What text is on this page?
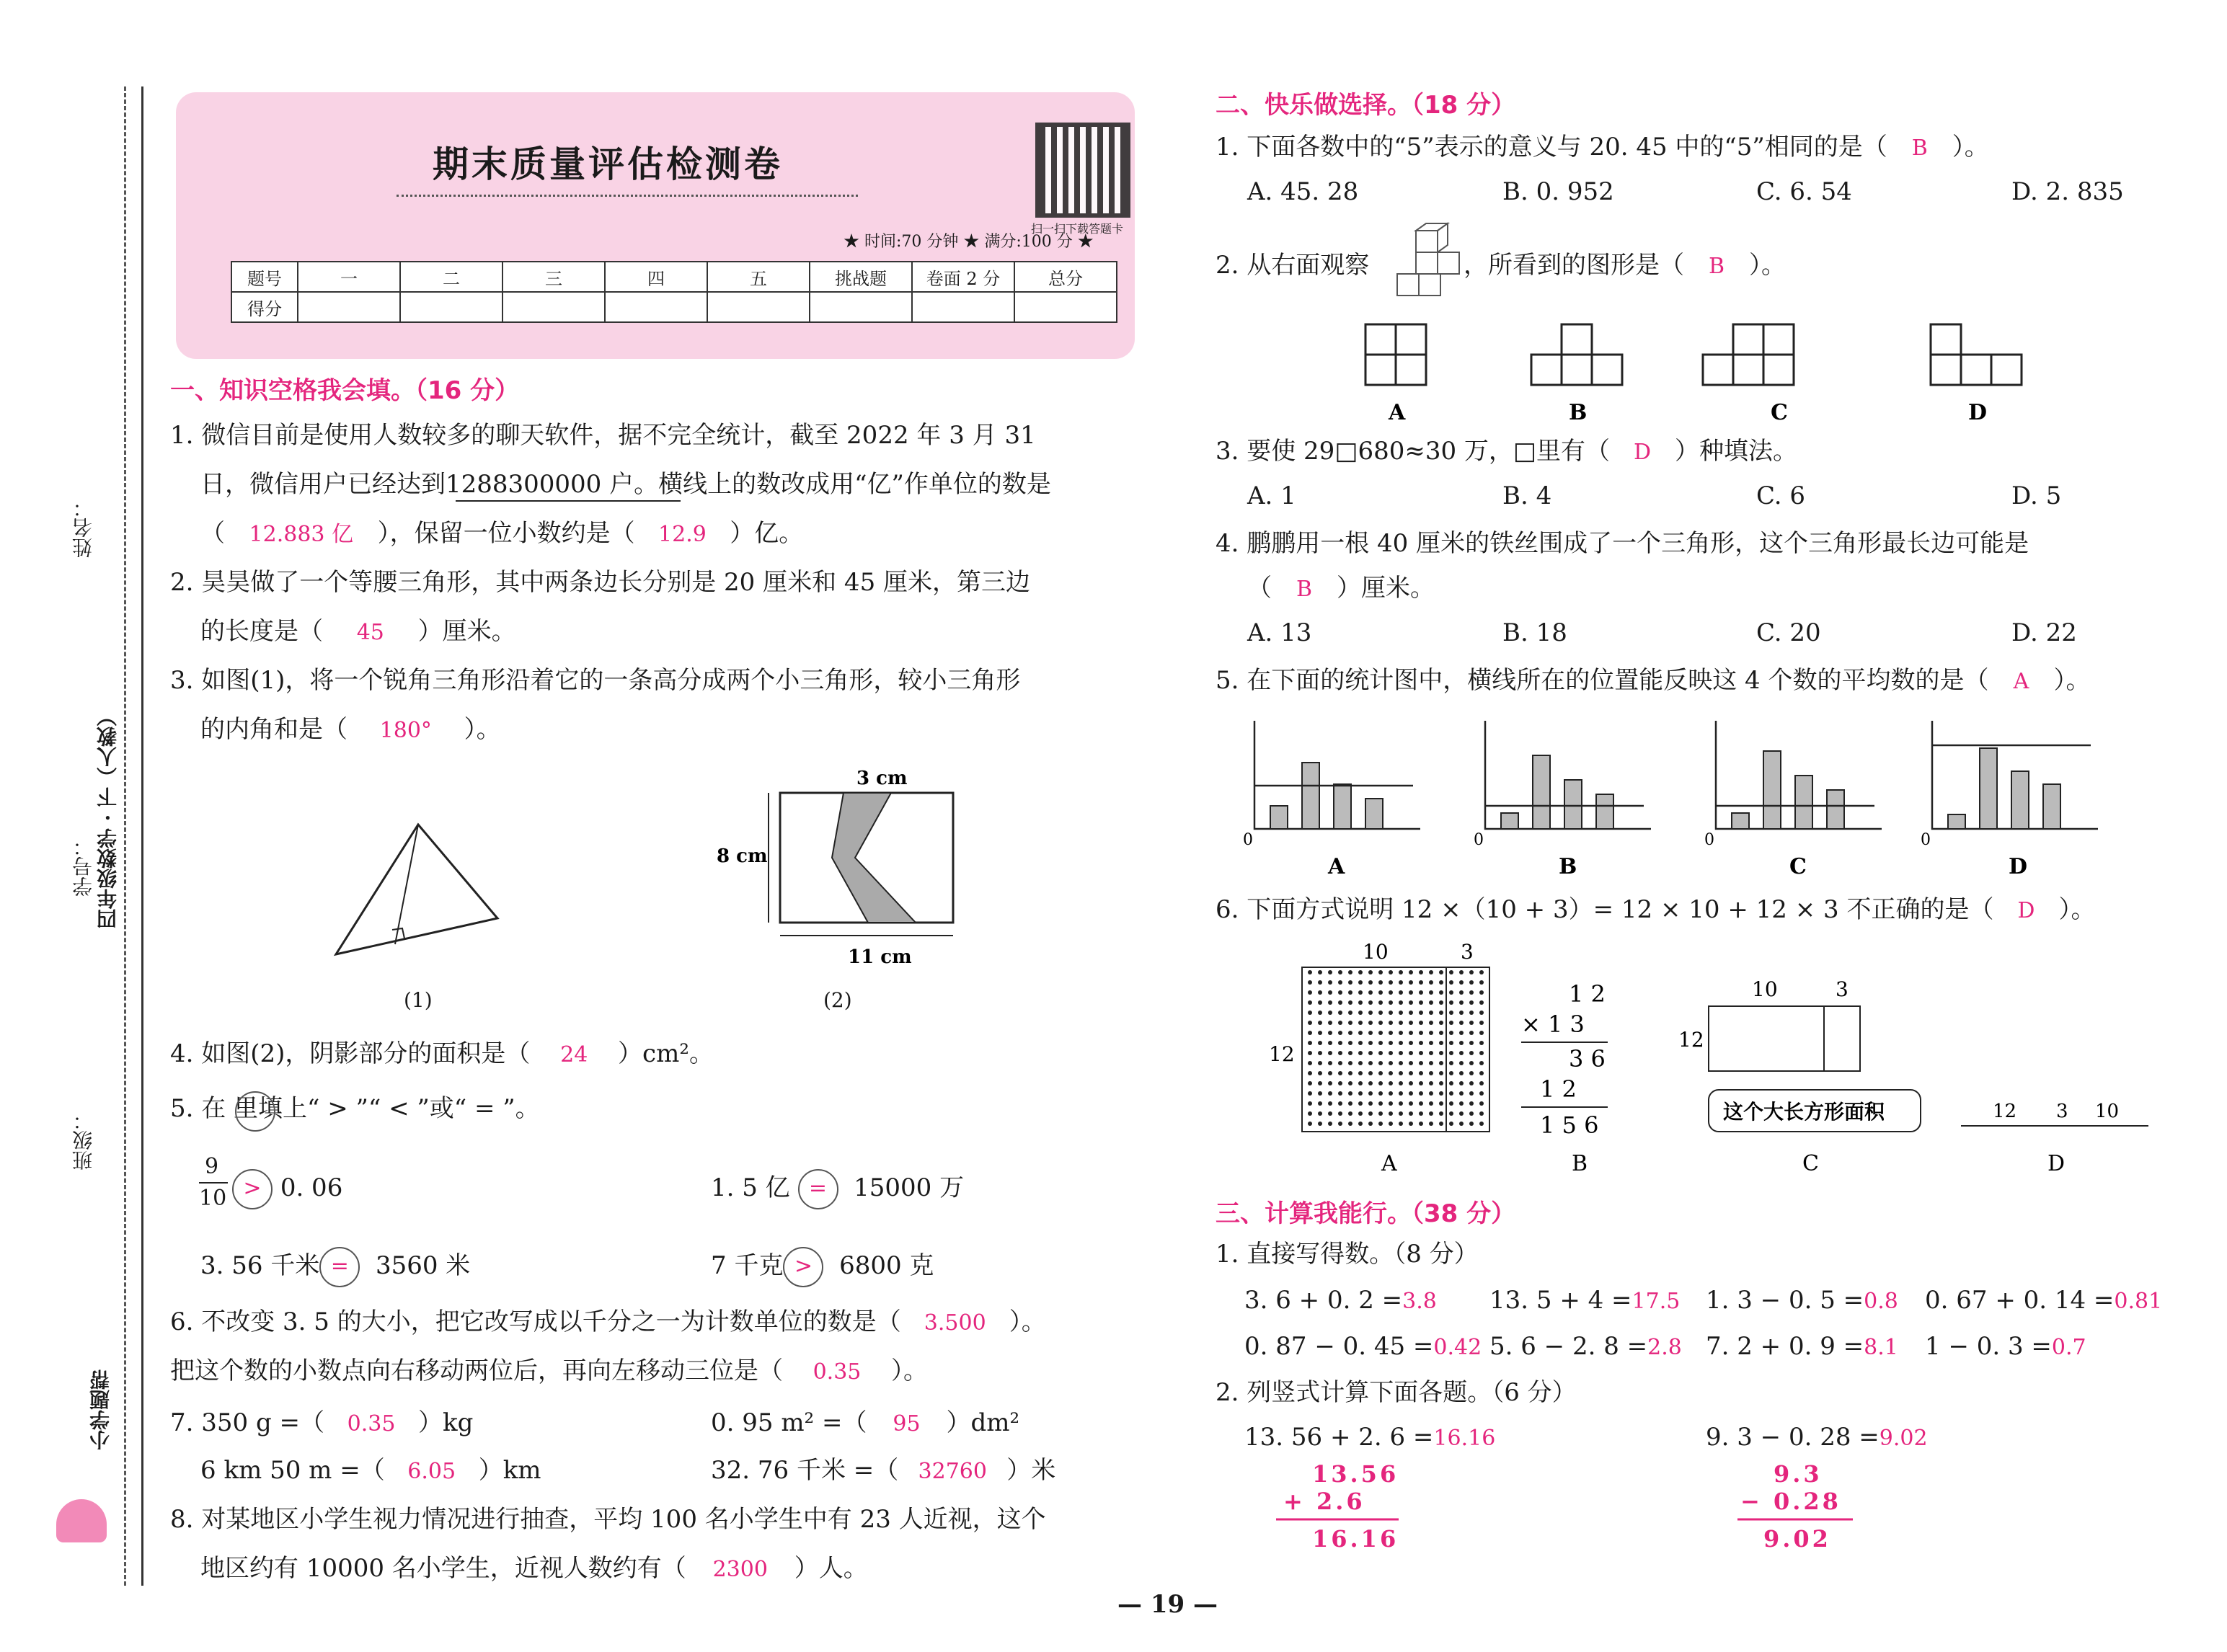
姓名：
学号： 四年级数学 · 下（人教）
班级：
小学题帮
期末质量评估检测卷
扫一扫下载答题卡
★ 时间:70 分钟 ★ 满分:100 分 ★
题号	一	二	三	四	五	挑战题	卷面 2 分	总分
得分								
一、知识空格我会填。（16 分）
1. 微信目前是使用人数较多的聊天软件，据不完全统计，截至 2022 年 3 月 31
日，微信用户已经达到1288300000 户。横线上的数改成用“亿”作单位的数是
（ 12.883 亿 ），保留一位小数约是（ 12.9 ）亿。
2. 昊昊做了一个等腰三角形，其中两条边长分别是 20 厘米和 45 厘米，第三边
的长度是（ 45 ）厘米。
3. 如图(1)，将一个锐角三角形沿着它的一条高分成两个小三角形，较小三角形
的内角和是（ 180° ）。
(1)
3 cm
8 cm
11 cm
(2)
4. 如图(2)，阴影部分的面积是（ 24 ）cm²。
5. 在 里填上“ > ”“ < ”或“ = ”。
9
10 > 0. 06	1. 5 亿 = 15000 万
3. 56 千米 = 3560 米	7 千克 > 6800 克
6. 不改变 3. 5 的大小，把它改写成以千分之一为计数单位的数是（ 3.500 ）。
把这个数的小数点向右移动两位后，再向左移动三位是（ 0.35 ）。
7. 350 g =（ 0.35 ）kg	0. 95 m² =（ 95 ）dm²
6 km 50 m =（ 6.05 ）km	32. 76 千米 =（ 32760 ）米
8. 对某地区小学生视力情况进行抽查，平均 100 名小学生中有 23 人近视，这个
地区约有 10000 名小学生，近视人数约有（ 2300 ）人。
二、快乐做选择。（18 分）
1. 下面各数中的“5”表示的意义与 20. 45 中的“5”相同的是（ B ）。
A. 45. 28	B. 0. 952	C. 6. 54	D. 2. 835
2. 从右面观察	，所看到的图形是（ B ）。
A	B	C	D
3. 要使 29□680≈30 万，□里有（ D ）种填法。
A. 1	B. 4	C. 6	D. 5
4. 鹏鹏用一根 40 厘米的铁丝围成了一个三角形，这个三角形最长边可能是
（ B ）厘米。
A. 13	B. 18	C. 20	D. 22
5. 在下面的统计图中，横线所在的位置能反映这 4 个数的平均数的是（ A ）。
0	0	0	0
A	B	C	D
6. 下面方式说明 12 ×（10 + 3）= 12 × 10 + 12 × 3 不正确的是（ D ）。
10	3
12
A
1 2
× 1 3
3 6
1 2
1 5 6
B
10	3
12
这个大长方形面积
C
12 3 10
D
三、计算我能行。（38 分）
1. 直接写得数。（8 分）
3. 6 + 0. 2 =3.8 13. 5 + 4 =17.5 1. 3 − 0. 5 =0.8 0. 67 + 0. 14 =0.81
0. 87 − 0. 45 =0.42 5. 6 − 2. 8 =2.8 7. 2 + 0. 9 =8.1 1 − 0. 3 =0.7
2. 列竖式计算下面各题。（6 分）
13. 56 + 2. 6 =16.16	9. 3 − 0. 28 =9.02
13.56
+ 2.6
16.16
9.3
− 0.28
9.02
— 19 —
